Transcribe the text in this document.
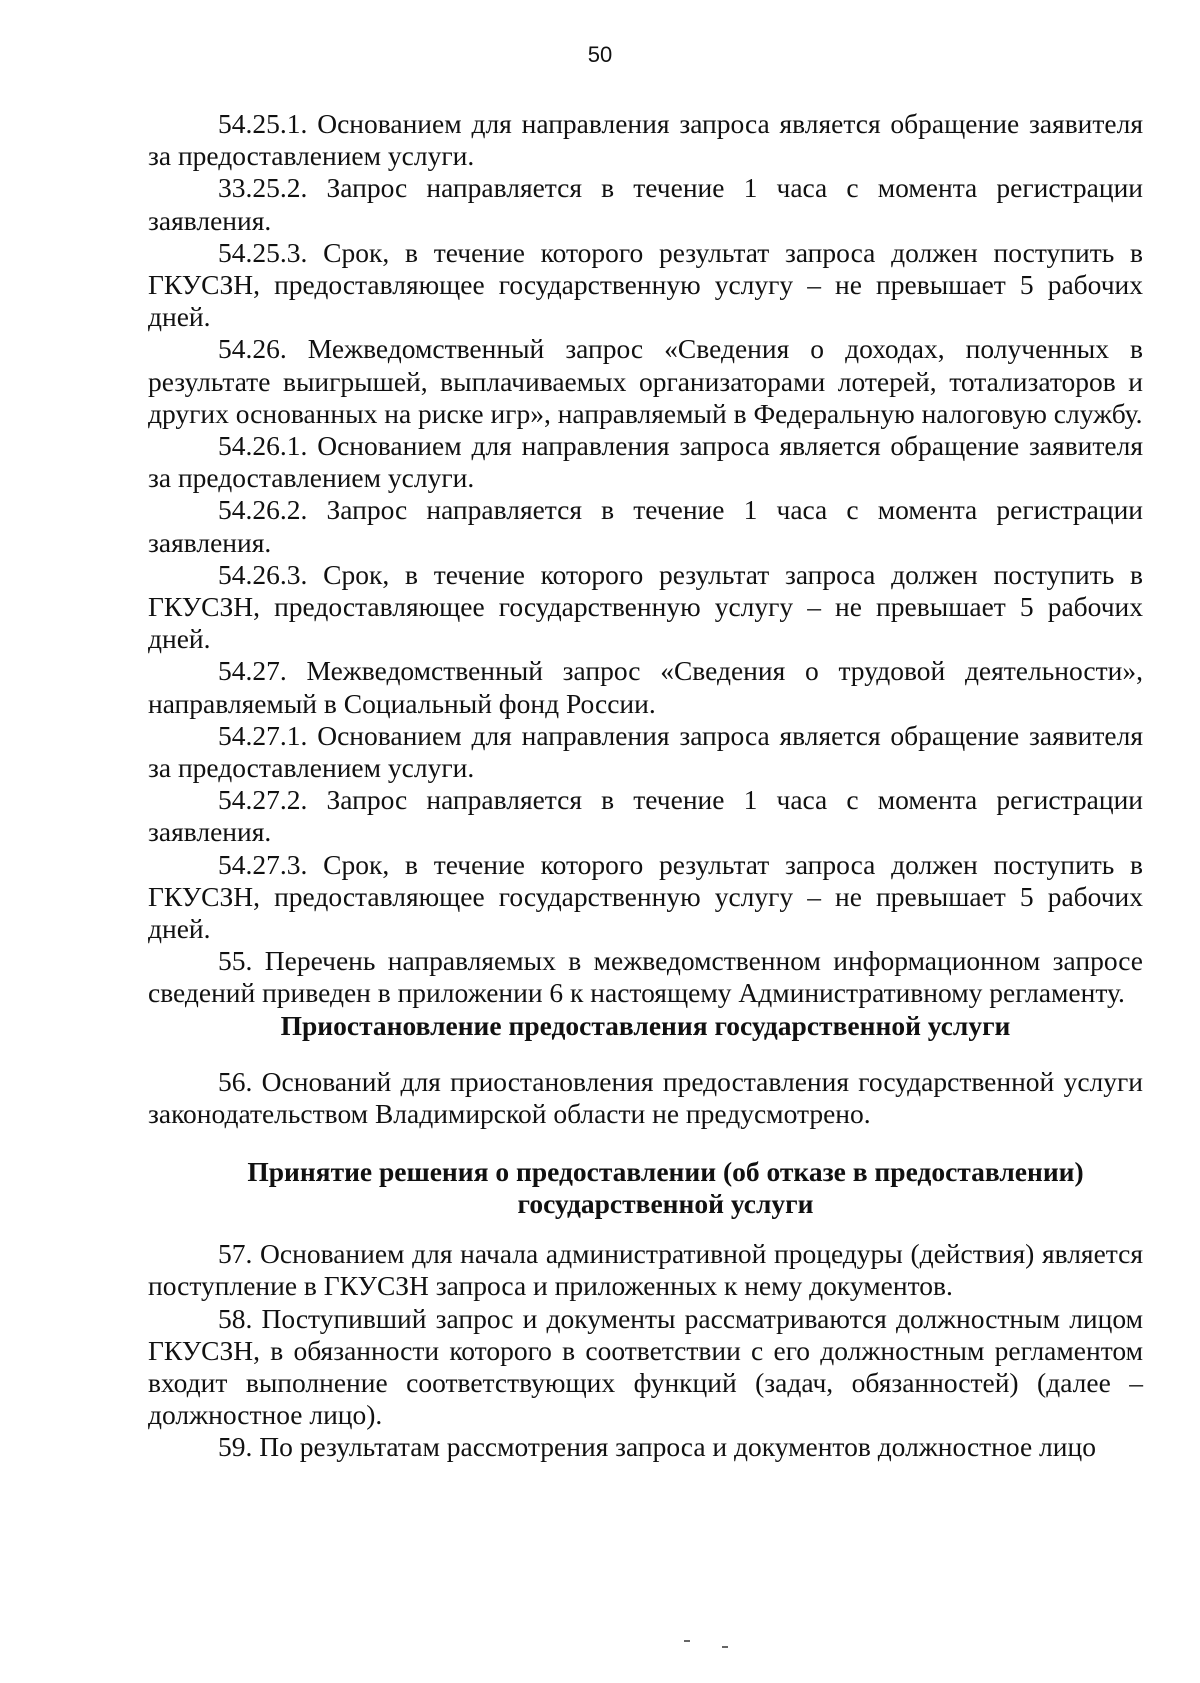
50

54.25.1. Основанием для направления запроса является обращение заявителя за предоставлением услуги.

33.25.2. Запрос направляется в течение 1 часа с момента регистрации заявления.

54.25.3. Срок, в течение которого результат запроса должен поступить в ГКУСЗН, предоставляющее государственную услугу – не превышает 5 рабочих дней.

54.26. Межведомственный запрос «Сведения о доходах, полученных в результате выигрышей, выплачиваемых организаторами лотерей, тотализаторов и других основанных на риске игр», направляемый в Федеральную налоговую службу.

54.26.1. Основанием для направления запроса является обращение заявителя за предоставлением услуги.

54.26.2. Запрос направляется в течение 1 часа с момента регистрации заявления.

54.26.3. Срок, в течение которого результат запроса должен поступить в ГКУСЗН, предоставляющее государственную услугу – не превышает 5 рабочих дней.

54.27. Межведомственный запрос «Сведения о трудовой деятельности», направляемый в Социальный фонд России.

54.27.1. Основанием для направления запроса является обращение заявителя за предоставлением услуги.

54.27.2. Запрос направляется в течение 1 часа с момента регистрации заявления.

54.27.3. Срок, в течение которого результат запроса должен поступить в ГКУСЗН, предоставляющее государственную услугу – не превышает 5 рабочих дней.

55. Перечень направляемых в межведомственном информационном запросе сведений приведен в приложении 6 к настоящему Административному регламенту.

Приостановление предоставления государственной услуги

56. Оснований для приостановления предоставления государственной услуги законодательством Владимирской области не предусмотрено.

Принятие решения о предоставлении (об отказе в предоставлении) государственной услуги

57. Основанием для начала административной процедуры (действия) является поступление в ГКУСЗН запроса и приложенных к нему документов.

58. Поступивший запрос и документы рассматриваются должностным лицом ГКУСЗН, в обязанности которого в соответствии с его должностным регламентом входит выполнение соответствующих функций (задач, обязанностей) (далее – должностное лицо).

59. По результатам рассмотрения запроса и документов должностное лицо
